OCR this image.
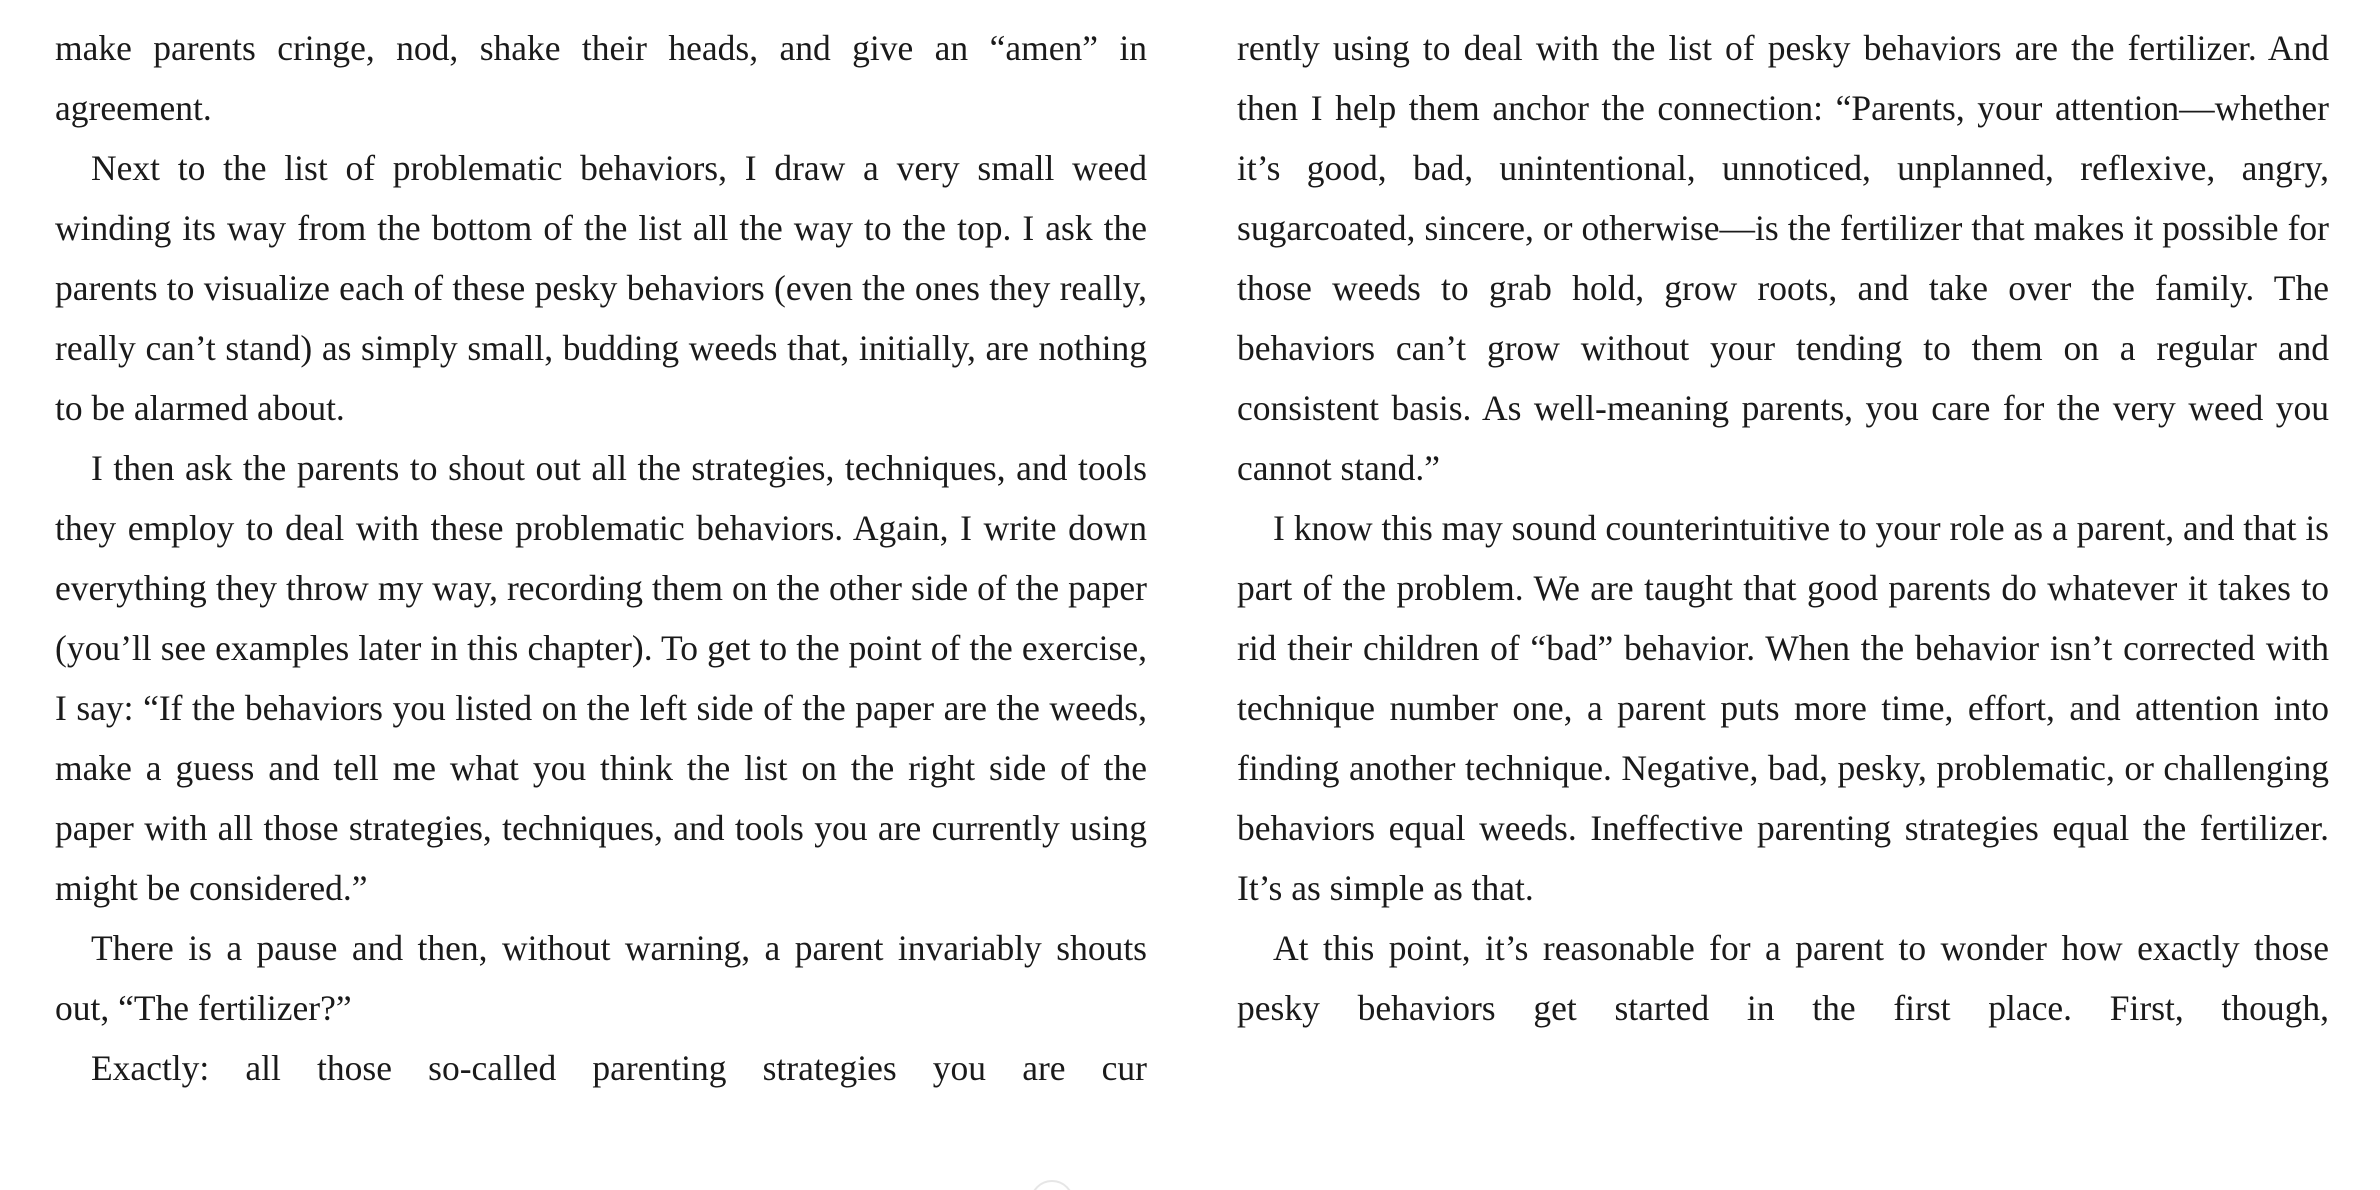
make parents cringe, nod, shake their heads, and give an “amen” in agreement.

Next to the list of problematic behaviors, I draw a very small weed winding its way from the bottom of the list all the way to the top. I ask the parents to visualize each of these pesky behaviors (even the ones they really, really can’t stand) as simply small, budding weeds that, initially, are nothing to be alarmed about.

I then ask the parents to shout out all the strategies, techniques, and tools they employ to deal with these problematic behaviors. Again, I write down everything they throw my way, recording them on the other side of the paper (you’ll see examples later in this chapter). To get to the point of the exercise, I say: “If the behaviors you listed on the left side of the paper are the weeds, make a guess and tell me what you think the list on the right side of the paper with all those strategies, techniques, and tools you are currently using might be considered.”

There is a pause and then, without warning, a parent invariably shouts out, “The fertilizer?”

Exactly: all those so-called parenting strategies you are cur

rently using to deal with the list of pesky behaviors are the fertilizer. And then I help them anchor the connection: “Parents, your attention—whether it’s good, bad, unintentional, unnoticed, unplanned, reflexive, angry, sugarcoated, sincere, or otherwise—is the fertilizer that makes it possible for those weeds to grab hold, grow roots, and take over the family. The behaviors can’t grow without your tending to them on a regular and consistent basis. As well-meaning parents, you care for the very weed you cannot stand.”

I know this may sound counterintuitive to your role as a parent, and that is part of the problem. We are taught that good parents do whatever it takes to rid their children of “bad” behavior. When the behavior isn’t corrected with technique number one, a parent puts more time, effort, and attention into finding another technique. Negative, bad, pesky, problematic, or challenging behaviors equal weeds. Ineffective parenting strategies equal the fertilizer. It’s as simple as that.

At this point, it’s reasonable for a parent to wonder how exactly those pesky behaviors get started in the first place. First, though,
